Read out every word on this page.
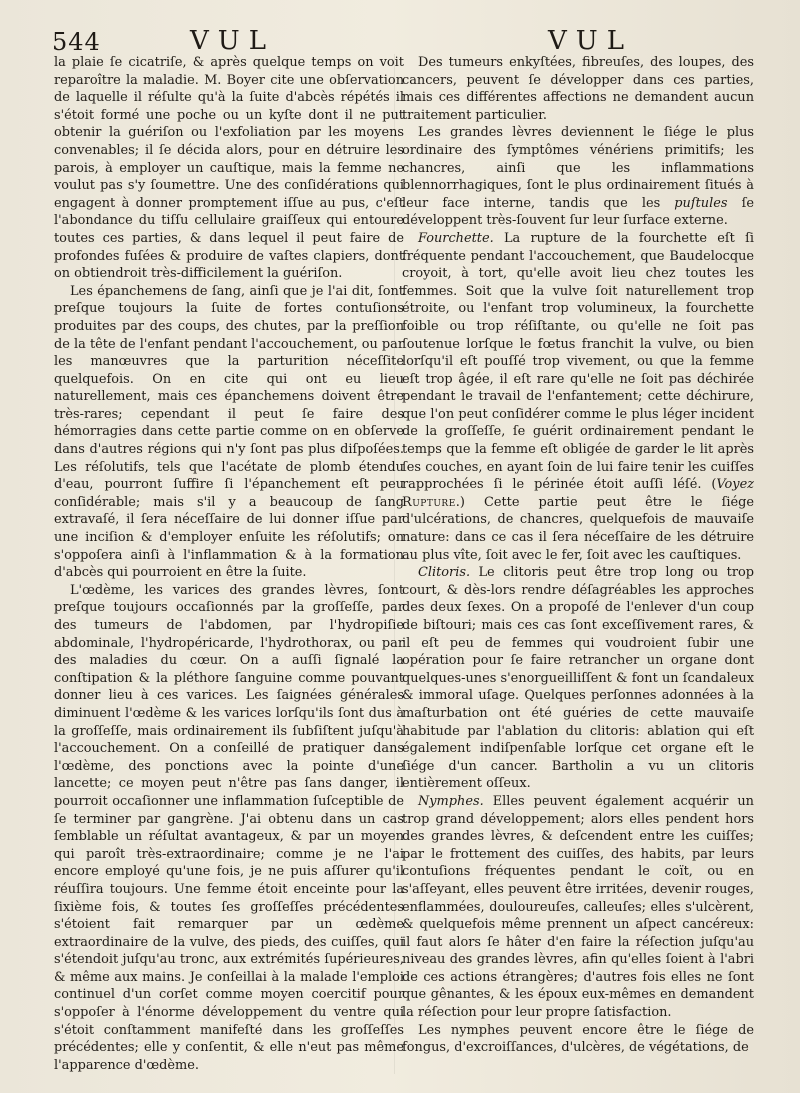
544	VUL	VUL

la plaie ſe cicatriſe, & après quelque temps on voit reparoître la maladie. M. Boyer cite une obſervation de laquelle il réſulte qu'à la ſuite d'abcès répétés il s'étoit formé une poche ou un kyſte dont il ne put obtenir la guériſon ou l'exfoliation par les moyens convenables; il ſe décida alors, pour en détruire les parois, à employer un cauſtique, mais la femme ne voulut pas s'y ſoumettre. Une des conſidérations qui engagent à donner promptement iſſue au pus, c'eſt l'abondance du tiſſu cellulaire graiſſeux qui entoure toutes ces parties, & dans lequel il peut faire de profondes fuſées & produire de vaſtes clapiers, dont on obtiendroit très-difficilement la guériſon.

Les épanchemens de ſang, ainſi que je l'ai dit, ſont preſque toujours la ſuite de fortes contuſions produites par des coups, des chutes, par la preſſion de la tête de l'enfant pendant l'accouchement, ou par les manœuvres que la parturition néceſſite quelquefois. On en cite qui ont eu lieu naturellement, mais ces épanchemens doivent être très-rares; cependant il peut ſe faire des hémorragies dans cette partie comme on en obſerve dans d'autres régions qui n'y ſont pas plus diſpoſées. Les réſolutifs, tels que l'acétate de plomb étendu d'eau, pourront ſuffire ſi l'épanchement eſt peu conſidérable; mais s'il y a beaucoup de ſang extravaſé, il ſera néceſſaire de lui donner iſſue par une inciſion & d'employer enſuite les réſolutifs; on s'oppoſera ainſi à l'inflammation & à la formation d'abcès qui pourroient en être la ſuite.

L'œdème, les varices des grandes lèvres, ſont preſque toujours occaſionnés par la groſſeſſe, par des tumeurs de l'abdomen, par l'hydropiſie abdominale, l'hydropéricarde, l'hydrothorax, ou par des maladies du cœur. On a auſſi ſignalé la conſtipation & la pléthore ſanguine comme pouvant donner lieu à ces varices. Les ſaignées générales diminuent l'œdème & les varices lorſqu'ils ſont dus à la groſſeſſe, mais ordinairement ils ſubſiſtent juſqu'à l'accouchement. On a conſeillé de pratiquer dans l'œdème, des ponctions avec la pointe d'une lancette; ce moyen peut n'être pas ſans danger, il pourroit occaſionner une inflammation ſuſceptible de ſe terminer par gangrène. J'ai obtenu dans un cas ſemblable un réſultat avantageux, & par un moyen qui paroît très-extraordinaire; comme je ne l'ai encore employé qu'une fois, je ne puis aſſurer qu'il réuſſira toujours. Une femme étoit enceinte pour la ſixième fois, & toutes ſes groſſeſſes précédentes s'étoient fait remarquer par un œdème extraordinaire de la vulve, des pieds, des cuiſſes, qui s'étendoit juſqu'au tronc, aux extrémités ſupérieures, & même aux mains. Je conſeillai à la malade l'emploi continuel d'un corſet comme moyen coercitif pour s'oppoſer à l'énorme développement du ventre qui s'étoit conſtamment manifeſté dans les groſſeſſes précédentes; elle y conſentit, & elle n'eut pas même l'apparence d'œdème.

Des tumeurs enkyſtées, fibreuſes, des loupes, des cancers, peuvent ſe développer dans ces parties, mais ces différentes affections ne demandent aucun traitement particulier.

Les grandes lèvres deviennent le ſiége le plus ordinaire des ſymptômes vénériens primitifs; les chancres, ainſi que les inflammations blennorrhagiques, ſont le plus ordinairement ſitués à leur face interne, tandis que les puſtules ſe développent très-ſouvent ſur leur ſurface externe.

Fourchette. La rupture de la fourchette eſt ſi fréquente pendant l'accouchement, que Baudelocque croyoit, à tort, qu'elle avoit lieu chez toutes les femmes. Soit que la vulve ſoit naturellement trop étroite, ou l'enfant trop volumineux, la fourchette foible ou trop réſiſtante, ou qu'elle ne ſoit pas ſoutenue lorſque le fœtus franchit la vulve, ou bien lorſqu'il eſt pouſſé trop vivement, ou que la femme eſt trop âgée, il eſt rare qu'elle ne ſoit pas déchirée pendant le travail de l'enfantement; cette déchirure, que l'on peut conſidérer comme le plus léger incident de la groſſeſſe, ſe guérit ordinairement pendant le temps que la femme eſt obligée de garder le lit après ſes couches, en ayant ſoin de lui faire tenir les cuiſſes rapprochées ſi le périnée étoit auſſi léſé. (Voyez Rupture.) Cette partie peut être le ſiége d'ulcérations, de chancres, quelquefois de mauvaiſe nature: dans ce cas il ſera néceſſaire de les détruire au plus vîte, ſoit avec le fer, ſoit avec les cauſtiques.

Clitoris. Le clitoris peut être trop long ou trop court, & dès-lors rendre déſagréables les approches des deux ſexes. On a propoſé de l'enlever d'un coup de biſtouri; mais ces cas ſont exceſſivement rares, & il eſt peu de femmes qui voudroient ſubir une opération pour ſe faire retrancher un organe dont quelques-unes s'enorgueilliſſent & font un ſcandaleux & immoral uſage. Quelques perſonnes adonnées à la maſturbation ont été guéries de cette mauvaiſe habitude par l'ablation du clitoris: ablation qui eſt également indiſpenſable lorſque cet organe eſt le ſiége d'un cancer. Bartholin a vu un clitoris entièrement oſſeux.

Nymphes. Elles peuvent également acquérir un trop grand développement; alors elles pendent hors des grandes lèvres, & deſcendent entre les cuiſſes; par le frottement des cuiſſes, des habits, par leurs contuſions fréquentes pendant le coït, ou en s'aſſeyant, elles peuvent être irritées, devenir rouges, enflammées, douloureuſes, calleuſes; elles s'ulcèrent, & quelquefois même prennent un aſpect cancéreux: il faut alors ſe hâter d'en faire la réſection juſqu'au niveau des grandes lèvres, afin qu'elles ſoient à l'abri de ces actions étrangères; d'autres fois elles ne ſont que gênantes, & les époux eux-mêmes en demandent la réſection pour leur propre ſatisfaction.

Les nymphes peuvent encore être le ſiége de fongus, d'excroiſſances, d'ulcères, de végétations, de
